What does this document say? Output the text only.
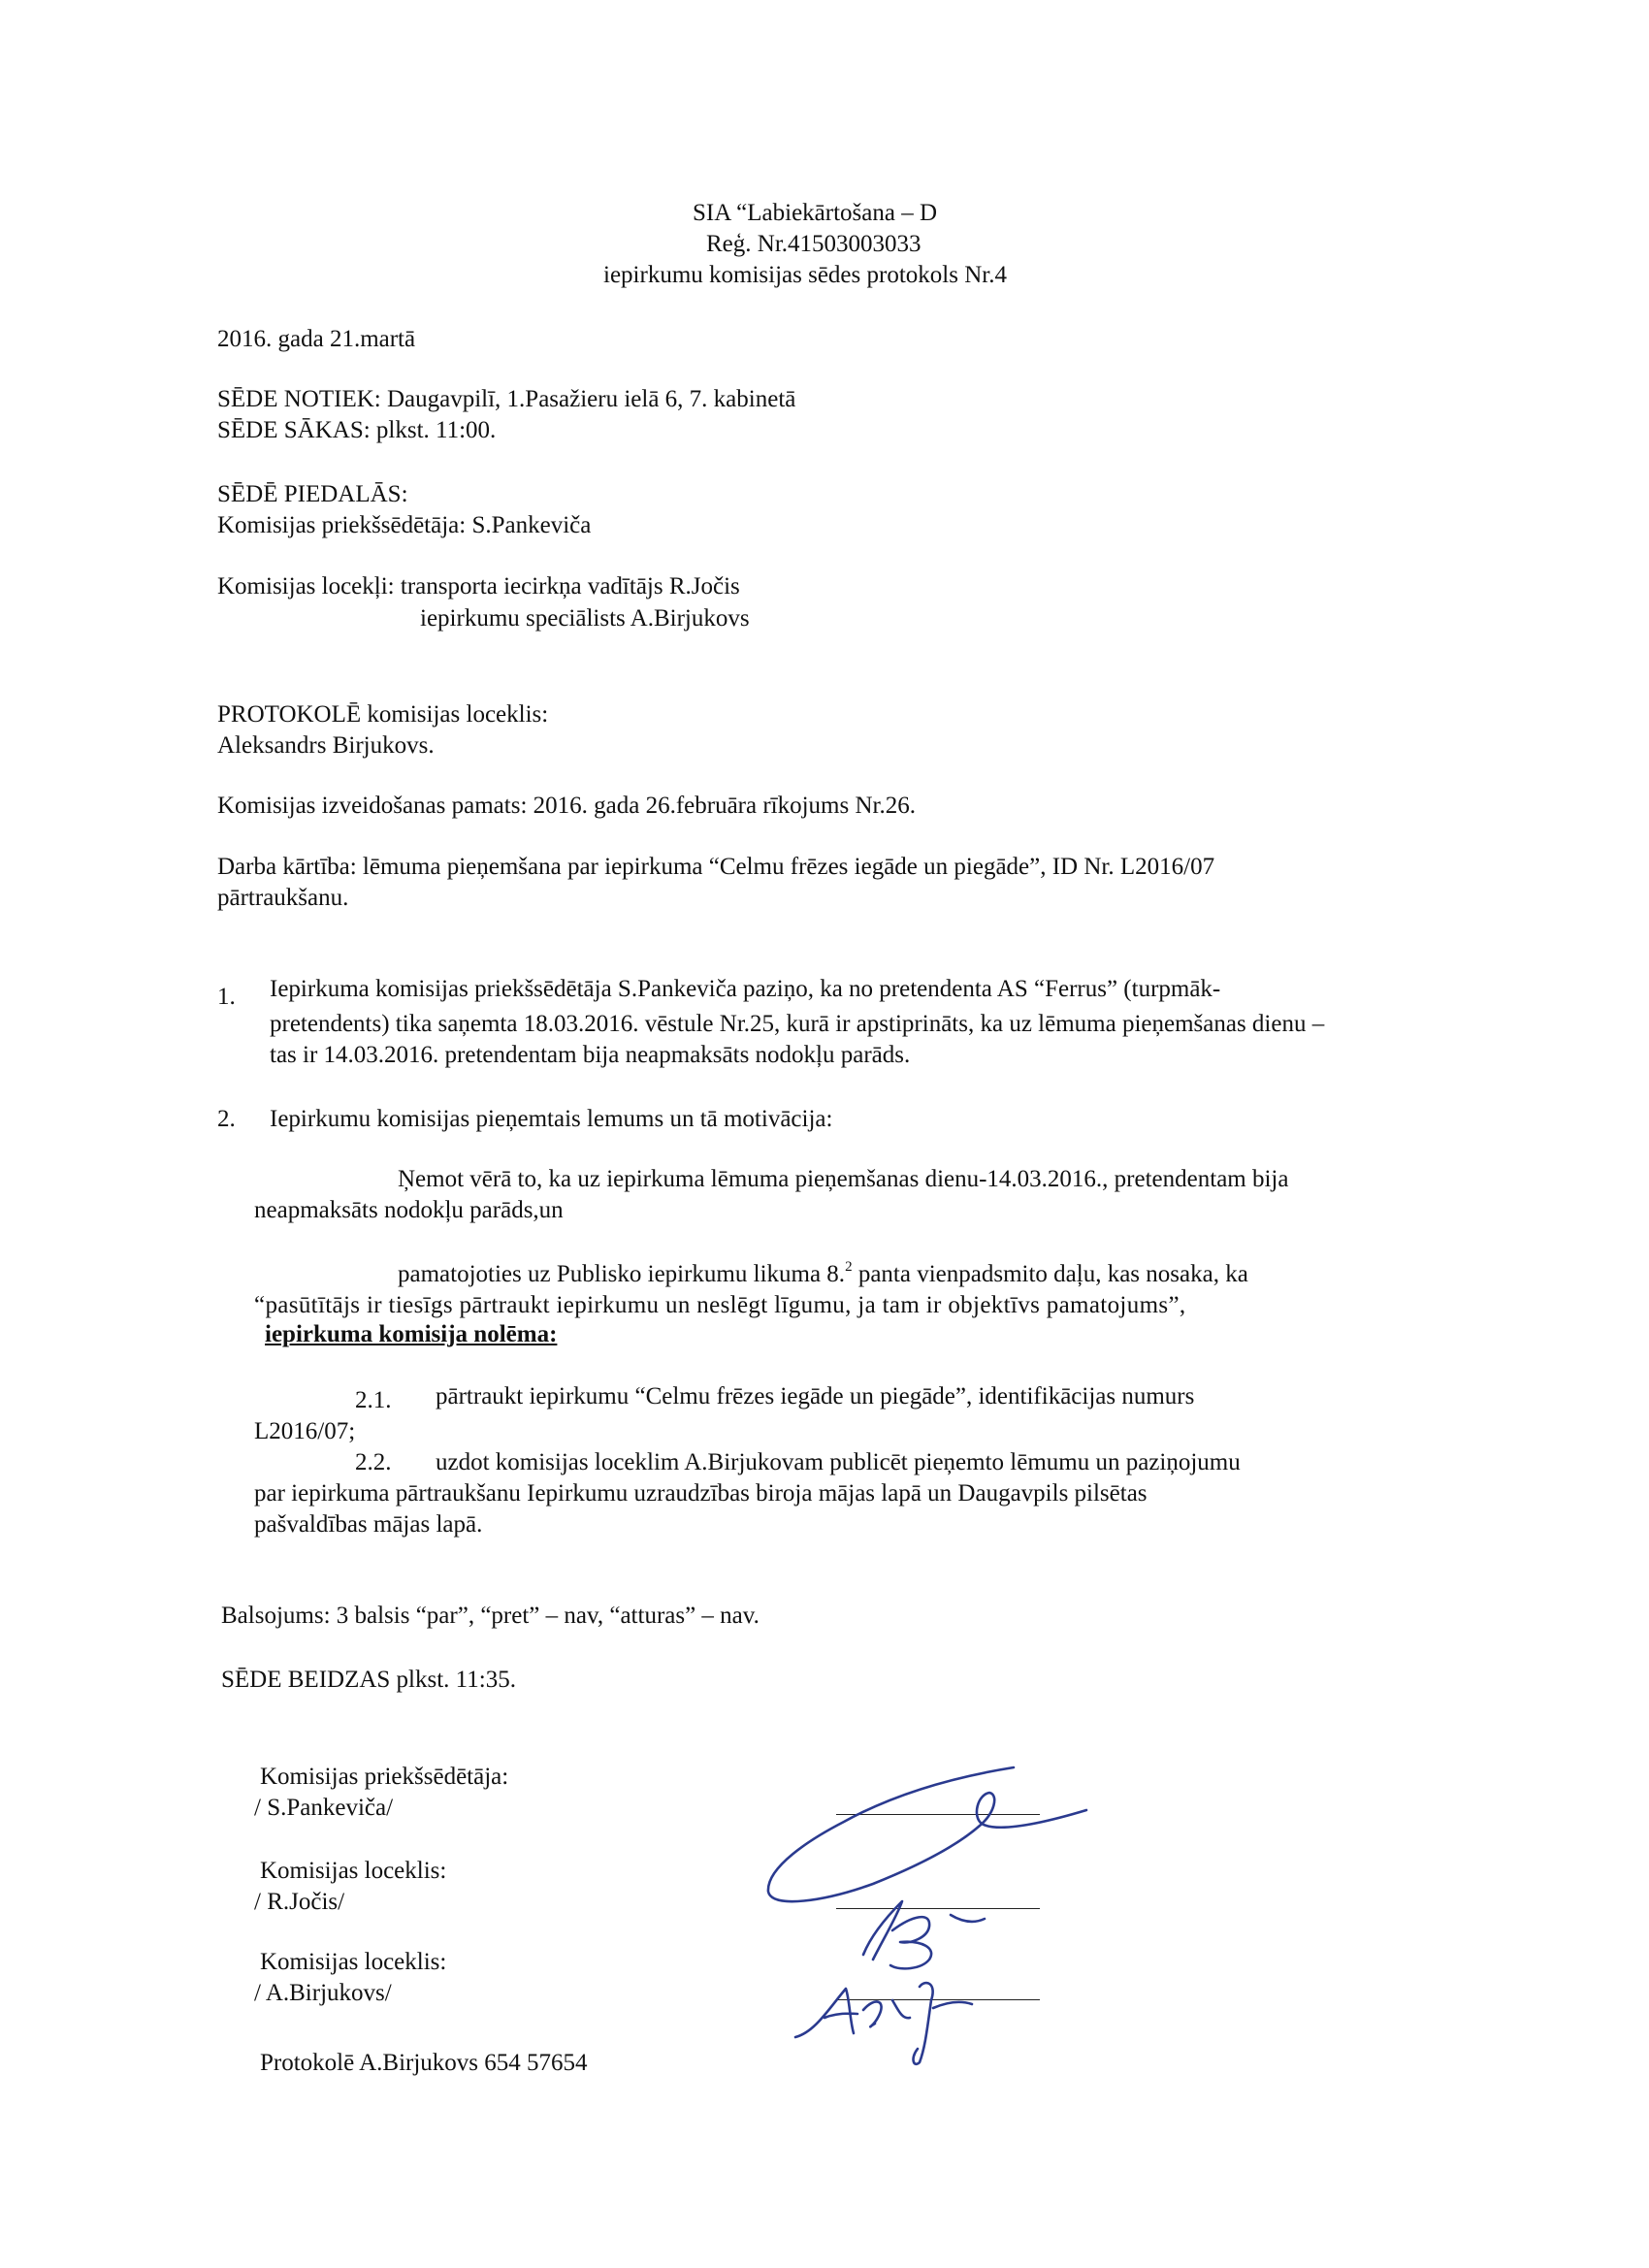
SIA “Labiekārtošana – D
Reģ. Nr.41503003033
iepirkumu komisijas sēdes protokols Nr.4
2016. gada 21.martā
SĒDE NOTIEK: Daugavpilī, 1.Pasažieru ielā 6, 7. kabinetā
SĒDE SĀKAS: plkst. 11:00.
SĒDĒ PIEDALĀS:
Komisijas priekšsēdētāja: S.Pankeviča
Komisijas locekļi: transporta iecirkņa vadītājs R.Jočis
iepirkumu speciālists A.Birjukovs
PROTOKOLĒ komisijas loceklis:
Aleksandrs Birjukovs.
Komisijas izveidošanas pamats: 2016. gada 26.februāra rīkojums Nr.26.
Darba kārtība: lēmuma pieņemšana par iepirkuma “Celmu frēzes iegāde un piegāde”, ID Nr. L2016/07
pārtraukšanu.
1. Iepirkuma komisijas priekšsēdētāja S.Pankeviča paziņo, ka no pretendenta AS “Ferrus” (turpmāk-
pretendents) tika saņemta 18.03.2016. vēstule Nr.25, kurā ir apstiprināts, ka uz lēmuma pieņemšanas dienu –
tas ir 14.03.2016. pretendentam bija neapmaksāts nodokļu parāds.
2. Iepirkumu komisijas pieņemtais lemums un tā motivācija:
Ņemot vērā to, ka uz iepirkuma lēmuma pieņemšanas dienu-14.03.2016., pretendentam bija
neapmaksāts nodokļu parāds,un
pamatojoties uz Publisko iepirkumu likuma 8.$^2$ panta vienpadsmito daļu, kas nosaka, ka
“pasūtītājs ir tiesīgs pārtraukt iepirkumu un neslēgt līgumu, ja tam ir objektīvs pamatojums”,
iepirkuma komisija nolēma:
2.1. pārtraukt iepirkumu “Celmu frēzes iegāde un piegāde”, identifikācijas numurs
L2016/07;
2.2. uzdot komisijas loceklim A.Birjukovam publicēt pieņemto lēmumu un paziņojumu
par iepirkuma pārtraukšanu Iepirkumu uzraudzības biroja mājas lapā un Daugavpils pilsētas
pašvaldības mājas lapā.
Balsojums: 3 balsis “par”, “pret” – nav, “atturas” – nav.
SĒDE BEIDZAS plkst. 11:35.
Komisijas priekšsēdētāja:
/ S.Pankeviča/
Komisijas loceklis:
/ R.Jočis/
Komisijas loceklis:
/ A.Birjukovs/
Protokolē A.Birjukovs 654 57654
